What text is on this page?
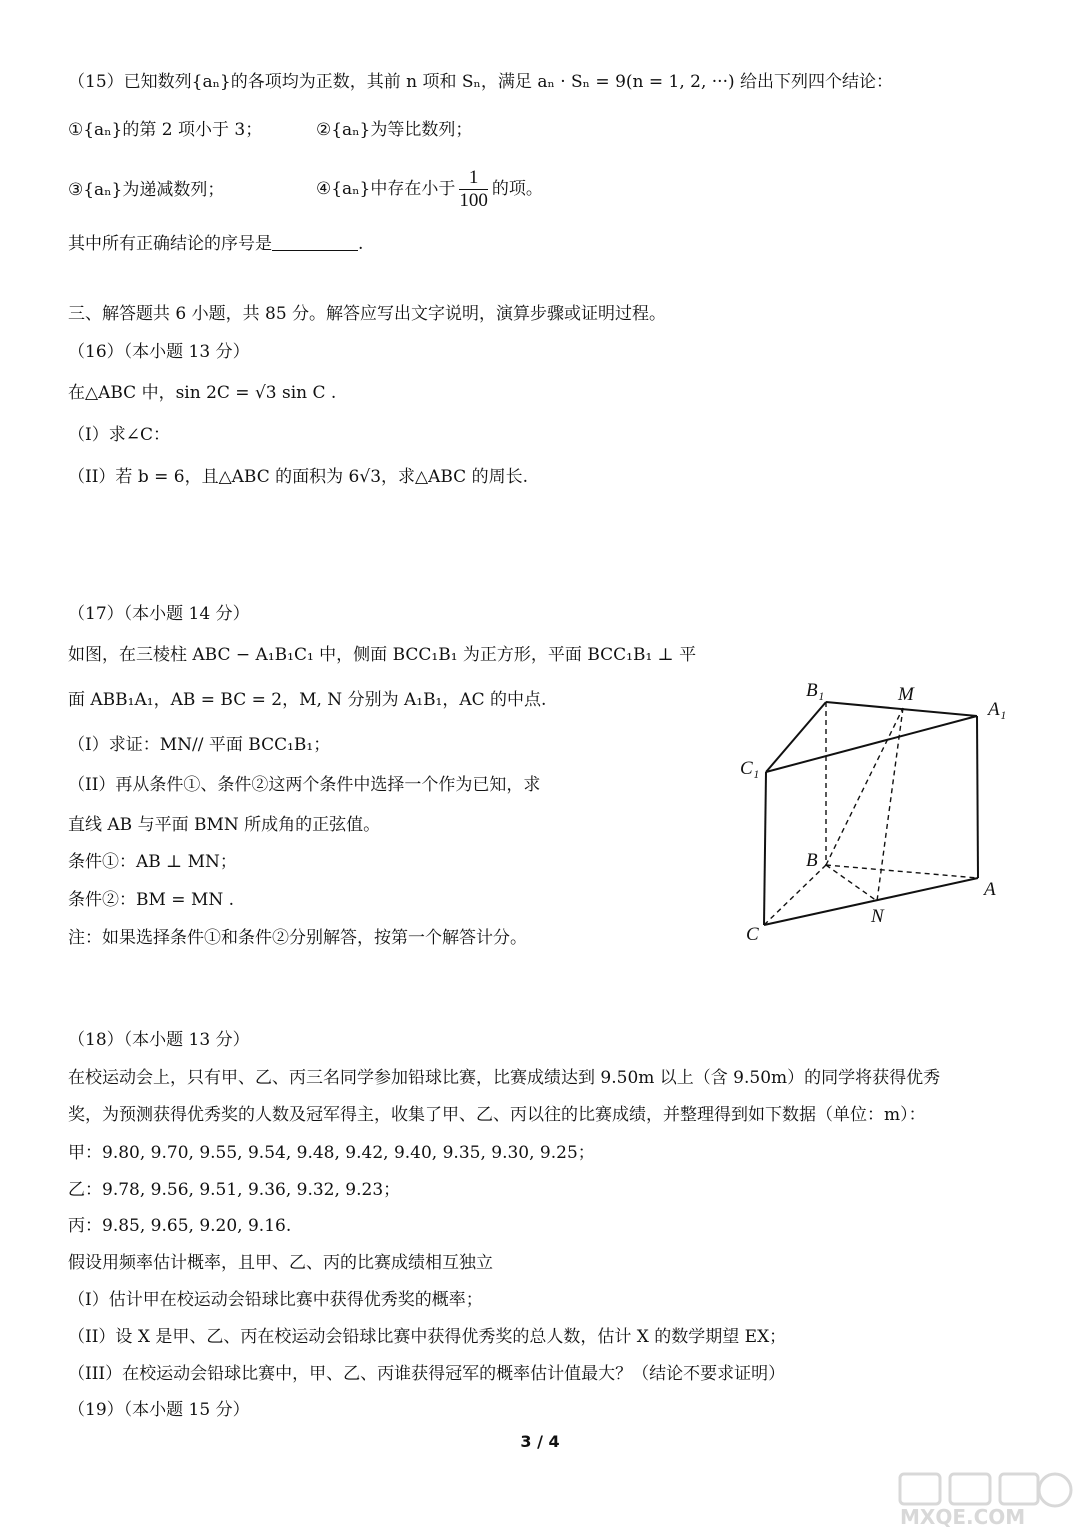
（15）已知数列{aₙ}的各项均为正数，其前 n 项和 Sₙ，满足 aₙ · Sₙ = 9(n = 1, 2, ···) 给出下列四个结论：
①{aₙ}的第 2 项小于 3；	②{aₙ}为等比数列；
③{aₙ}为递减数列；	④{aₙ}中存在小于 $\frac{1}{100}$ 的项。
其中所有正确结论的序号是	.
三、解答题共 6 小题，共 85 分。解答应写出文字说明，演算步骤或证明过程。
（16）（本小题 13 分）
在△ABC 中，sin 2C = √3 sin C .
（I）求∠C：
（II）若 b = 6，且△ABC 的面积为 6√3，求△ABC 的周长.
（17）（本小题 14 分）
如图，在三棱柱 ABC − A₁B₁C₁ 中，侧面 BCC₁B₁ 为正方形，平面 BCC₁B₁ ⊥ 平
面 ABB₁A₁，AB = BC = 2，M, N 分别为 A₁B₁，AC 的中点.
（I）求证：MN// 平面 BCC₁B₁；
（II）再从条件①、条件②这两个条件中选择一个作为已知，求
直线 AB 与平面 BMN 所成角的正弦值。
条件①：AB ⊥ MN；
条件②：BM = MN .
注：如果选择条件①和条件②分别解答，按第一个解答计分。
B₁	M
A₁
C₁
B
A
N
C
（18）（本小题 13 分）
在校运动会上，只有甲、乙、丙三名同学参加铅球比赛，比赛成绩达到 9.50m 以上（含 9.50m）的同学将获得优秀
奖，为预测获得优秀奖的人数及冠军得主，收集了甲、乙、丙以往的比赛成绩，并整理得到如下数据（单位：m）：
甲：9.80, 9.70, 9.55, 9.54, 9.48, 9.42, 9.40, 9.35, 9.30, 9.25；
乙：9.78, 9.56, 9.51, 9.36, 9.32, 9.23；
丙：9.85, 9.65, 9.20, 9.16.
假设用频率估计概率，且甲、乙、丙的比赛成绩相互独立
（I）估计甲在校运动会铅球比赛中获得优秀奖的概率；
（II）设 X 是甲、乙、丙在校运动会铅球比赛中获得优秀奖的总人数，估计 X 的数学期望 EX；
（III）在校运动会铅球比赛中，甲、乙、丙谁获得冠军的概率估计值最大？（结论不要求证明）
（19）（本小题 15 分）
3 / 4
MXQE.COM
